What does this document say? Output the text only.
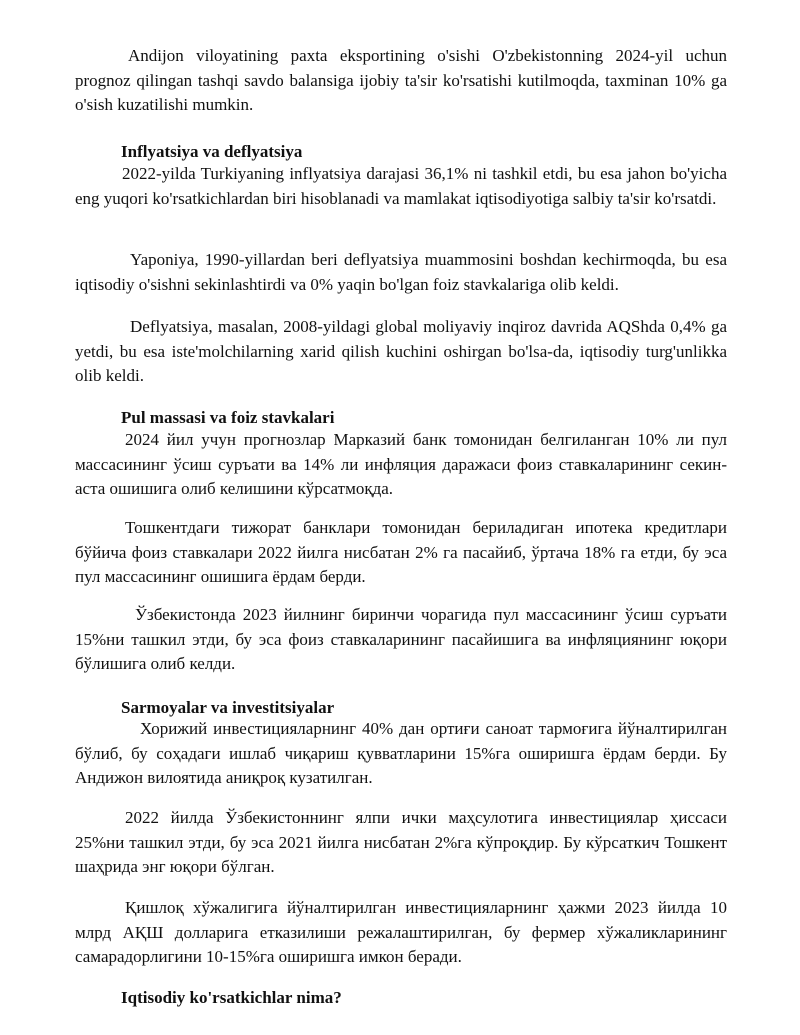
Andijon viloyatining paxta eksportining o'sishi O'zbekistonning 2024-yil uchun prognoz qilingan tashqi savdo balansiga ijobiy ta'sir ko'rsatishi kutilmoqda, taxminan 10% ga o'sish kuzatilishi mumkin.

Inflyatsiya va deflyatsiya

2022-yilda Turkiyaning inflyatsiya darajasi 36,1% ni tashkil etdi, bu esa jahon bo'yicha eng yuqori ko'rsatkichlardan biri hisoblanadi va mamlakat iqtisodiyotiga salbiy ta'sir ko'rsatdi.

Yaponiya, 1990-yillardan beri deflyatsiya muammosini boshdan kechirmoqda, bu esa iqtisodiy o'sishni sekinlashtirdi va 0% yaqin bo'lgan foiz stavkalariga olib keldi.

Deflyatsiya, masalan, 2008-yildagi global moliyaviy inqiroz davrida AQShda 0,4% ga yetdi, bu esa iste'molchilarning xarid qilish kuchini oshirgan bo'lsa-da, iqtisodiy turg'unlikka olib keldi.

Pul massasi va foiz stavkalari

2024 йил учун прогнозлар Марказий банк томонидан белгиланган 10% ли пул массасининг ўсиш суръати ва 14% ли инфляция даражаси фоиз ставкаларининг секин-аста ошишига олиб келишини кўрсатмоқда.

Тошкентдаги тижорат банклари томонидан бериладиган ипотека кредитлари бўйича фоиз ставкалари 2022 йилга нисбатан 2% га пасайиб, ўртача 18% га етди, бу эса пул массасининг ошишига ёрдам берди.

Ўзбекистонда 2023 йилнинг биринчи чорагида пул массасининг ўсиш суръати 15%ни ташкил этди, бу эса фоиз ставкаларининг пасайишига ва инфляциянинг юқори бўлишига олиб келди.

Sarmoyalar va investitsiyalar

Хорижий инвестицияларнинг 40% дан ортиғи саноат тармоғига йўналтирилган бўлиб, бу соҳадаги ишлаб чиқариш қувватларини 15%га оширишга ёрдам берди. Бу Андижон вилоятида аниқроқ кузатилган.

2022 йилда Ўзбекистоннинг ялпи ички маҳсулотига инвестициялар ҳиссаси 25%ни ташкил этди, бу эса 2021 йилга нисбатан 2%га кўпроқдир. Бу кўрсаткич Тошкент шаҳрида энг юқори бўлган.

Қишлоқ хўжалигига йўналтирилган инвестицияларнинг ҳажми 2023 йилда 10 млрд АҚШ долларига етказилиши режалаштирилган, бу фермер хўжаликларининг самарадорлигини 10-15%га оширишга имкон беради.

Iqtisodiy ko'rsatkichlar nima?
